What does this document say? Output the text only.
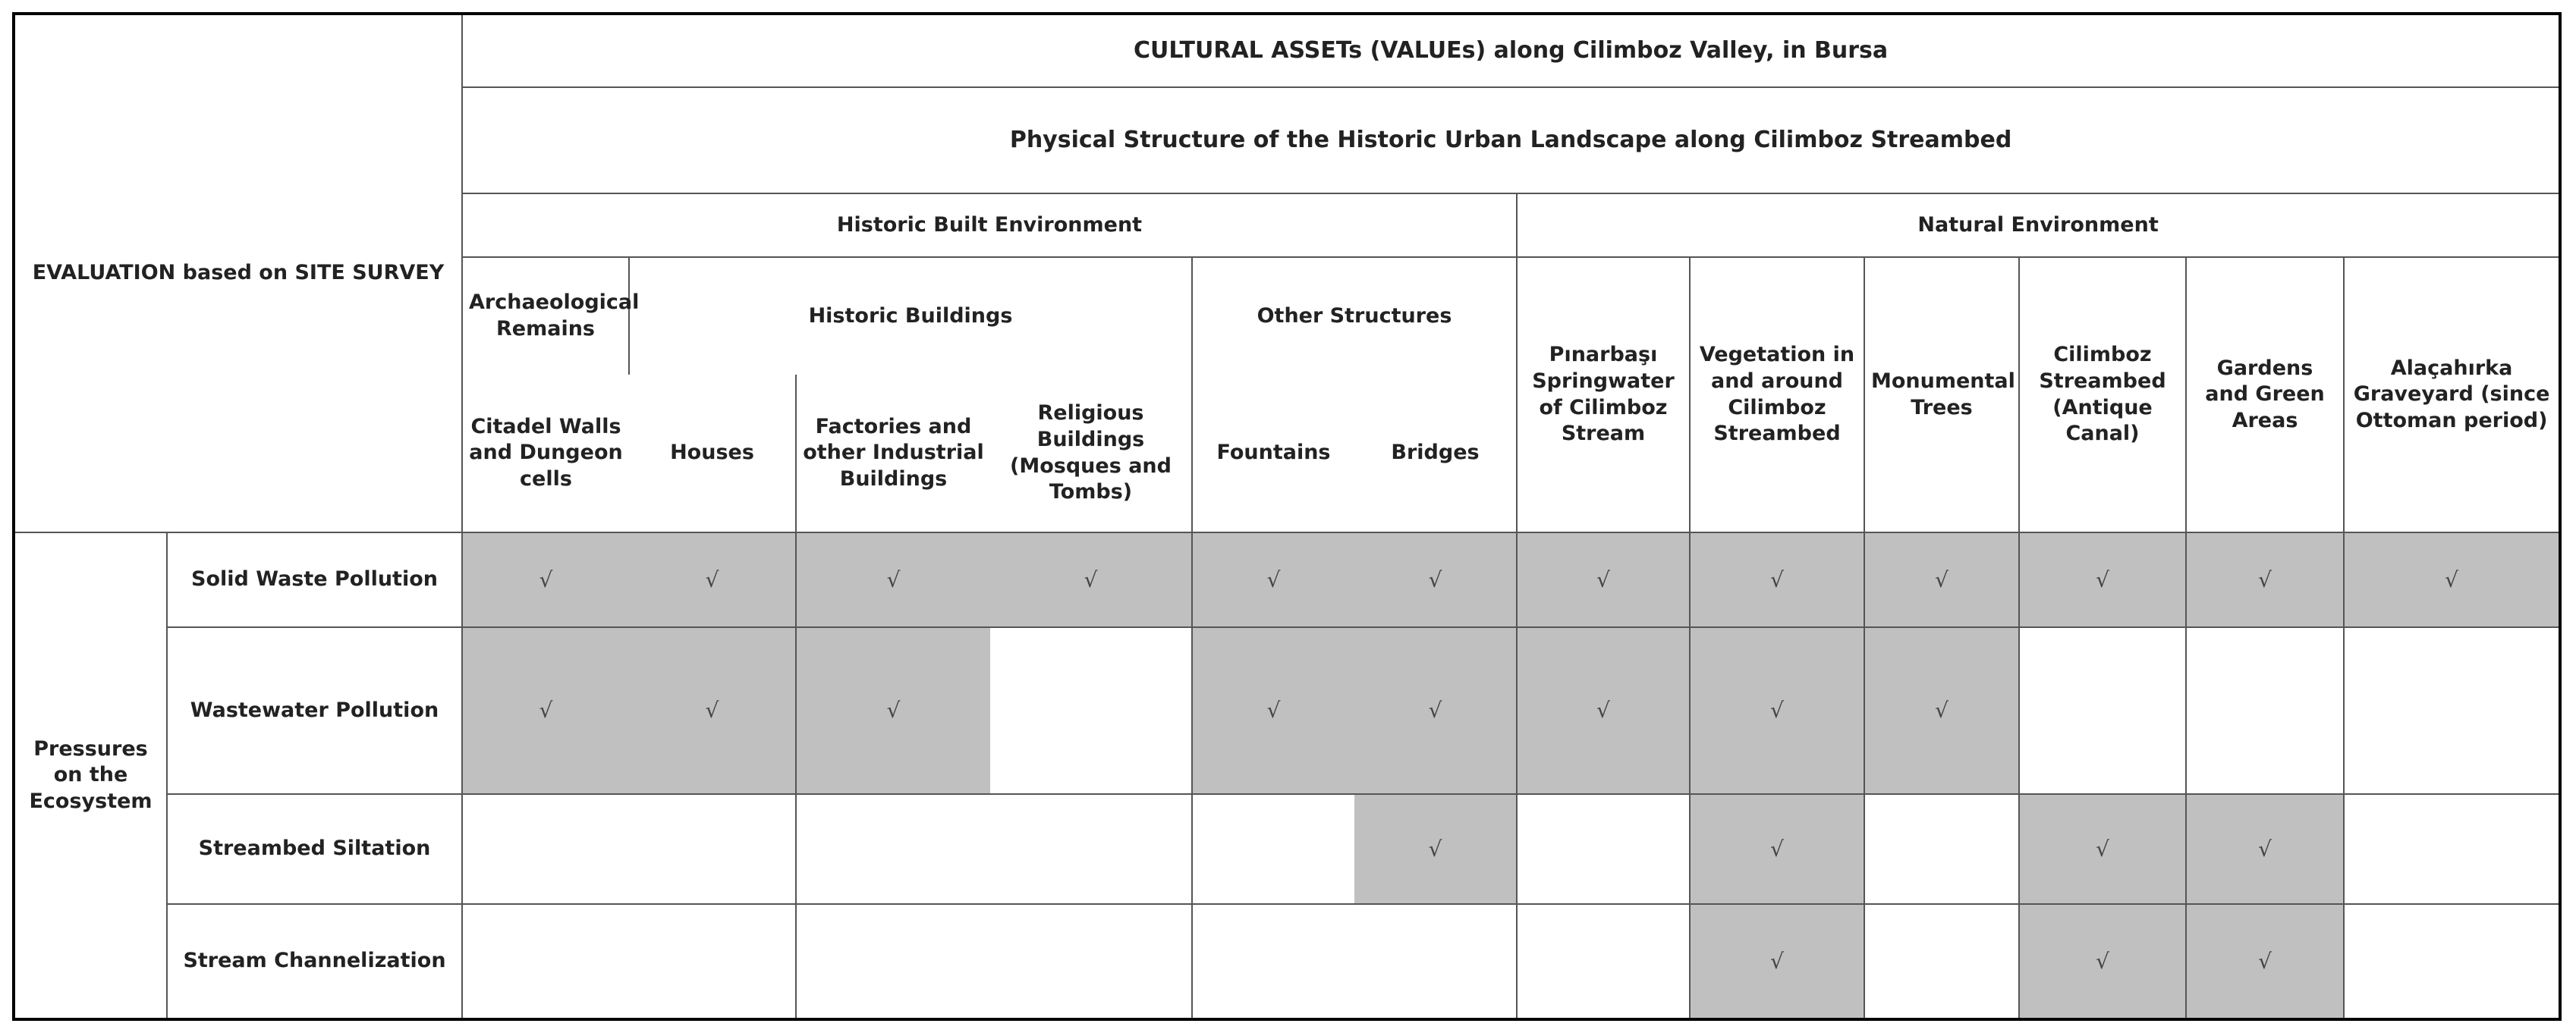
EVALUATION based on SITE SURVEY		CULTURAL ASSETs (VALUEs) along Cilimboz Valley, in Bursa											
		Physical Structure of the Historic Urban Landscape along Cilimboz Streambed											
		Historic Built Environment						Natural Environment					
		Archaeological Remains	Historic Buildings			Other Structures		Pınarbaşı Springwater of Cilimboz Stream	Vegetation in and around Cilimboz Streambed	Monumental Trees	Cilimboz Streambed (Antique Canal)	Gardens and Green Areas	Alaçahırka Graveyard (since Ottoman period)
		Citadel Walls and Dungeon cells	Houses	Factories and other Industrial Buildings	Religious Buildings (Mosques and Tombs)	Fountains	Bridges						
Pressures on the Ecosystem	Solid Waste Pollution	√	√	√	√	√	√	√	√	√	√	√	√
	Wastewater Pollution	√	√	√		√	√	√	√	√			
	Streambed Siltation						√		√		√	√	
	Stream Channelization								√		√	√	
